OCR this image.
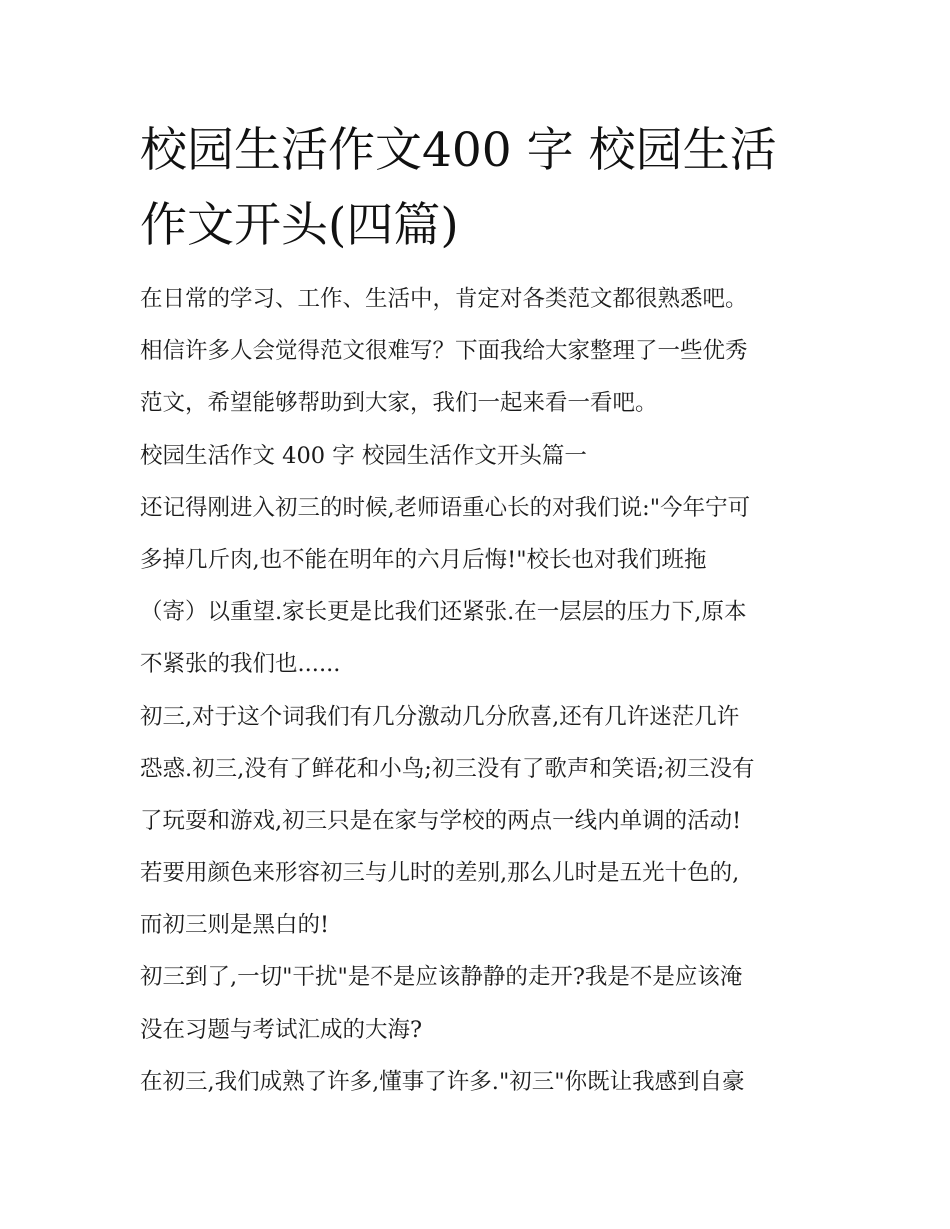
校园生活作文400 字 校园生活
作文开头(四篇)
在日常的学习、工作、生活中，肯定对各类范文都很熟悉吧。
相信许多人会觉得范文很难写？下面我给大家整理了一些优秀
范文，希望能够帮助到大家，我们一起来看一看吧。
校园生活作文 400 字 校园生活作文开头篇一
还记得刚进入初三的时候,老师语重心长的对我们说:"今年宁可
多掉几斤肉,也不能在明年的六月后悔!"校长也对我们班拖
（寄）以重望.家长更是比我们还紧张.在一层层的压力下,原本
不紧张的我们也......
初三,对于这个词我们有几分激动几分欣喜,还有几许迷茫几许
恐惑.初三,没有了鲜花和小鸟;初三没有了歌声和笑语;初三没有
了玩耍和游戏,初三只是在家与学校的两点一线内单调的活动!
若要用颜色来形容初三与儿时的差别,那么儿时是五光十色的,
而初三则是黑白的!
初三到了,一切"干扰"是不是应该静静的走开?我是不是应该淹
没在习题与考试汇成的大海?
在初三,我们成熟了许多,懂事了许多."初三"你既让我感到自豪
